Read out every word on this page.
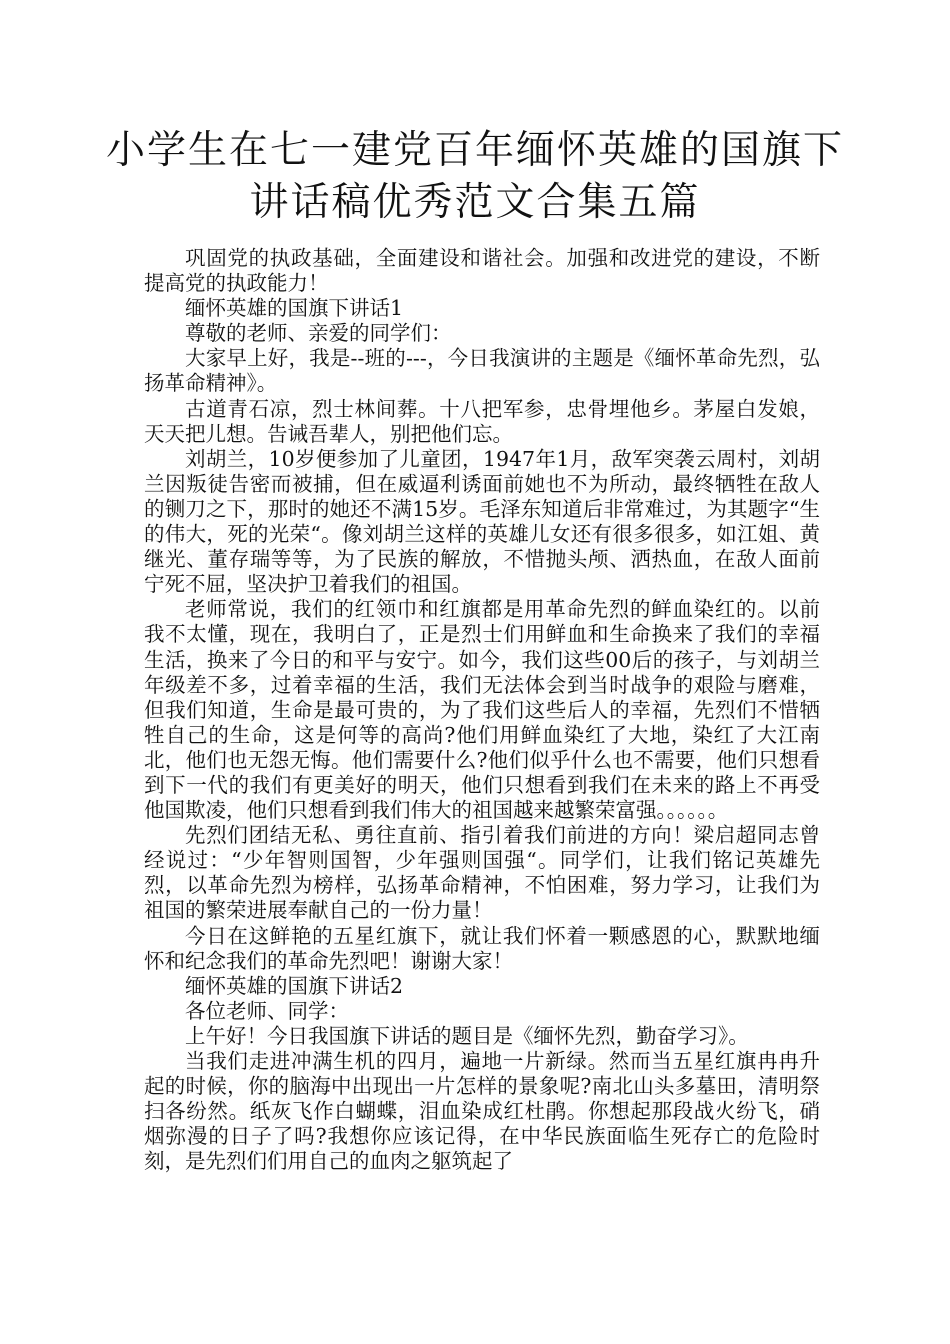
小学生在七一建党百年缅怀英雄的国旗下
讲话稿优秀范文合集五篇

巩固党的执政基础，全面建设和谐社会。加强和改进党的建设，不断提高党的执政能力！

缅怀英雄的国旗下讲话1

尊敬的老师、亲爱的同学们：

大家早上好，我是--班的---，今日我演讲的主题是《缅怀革命先烈，弘扬革命精神》。

古道青石凉，烈士林间葬。十八把军参，忠骨埋他乡。茅屋白发娘，天天把儿想。告诫吾辈人，别把他们忘。

刘胡兰，10岁便参加了儿童团，1947年1月，敌军突袭云周村，刘胡兰因叛徒告密而被捕，但在威逼利诱面前她也不为所动，最终牺牲在敌人的铡刀之下，那时的她还不满15岁。毛泽东知道后非常难过，为其题字“生的伟大，死的光荣“。像刘胡兰这样的英雄儿女还有很多很多，如江姐、黄继光、董存瑞等等，为了民族的解放，不惜抛头颅、洒热血，在敌人面前宁死不屈，坚决护卫着我们的祖国。

老师常说，我们的红领巾和红旗都是用革命先烈的鲜血染红的。以前我不太懂，现在，我明白了，正是烈士们用鲜血和生命换来了我们的幸福生活，换来了今日的和平与安宁。如今，我们这些00后的孩子，与刘胡兰年级差不多，过着幸福的生活，我们无法体会到当时战争的艰险与磨难，但我们知道，生命是最可贵的，为了我们这些后人的幸福，先烈们不惜牺牲自己的生命，这是何等的高尚?他们用鲜血染红了大地，染红了大江南北，他们也无怨无悔。他们需要什么?他们似乎什么也不需要，他们只想看到下一代的我们有更美好的明天，他们只想看到我们在未来的路上不再受他国欺凌，他们只想看到我们伟大的祖国越来越繁荣富强。。。。。。

先烈们团结无私、勇往直前、指引着我们前进的方向！梁启超同志曾经说过：“少年智则国智，少年强则国强“。同学们，让我们铭记英雄先烈，以革命先烈为榜样，弘扬革命精神，不怕困难，努力学习，让我们为祖国的繁荣进展奉献自己的一份力量！

今日在这鲜艳的五星红旗下，就让我们怀着一颗感恩的心，默默地缅怀和纪念我们的革命先烈吧！谢谢大家！

缅怀英雄的国旗下讲话2

各位老师、同学：

上午好！今日我国旗下讲话的题目是《缅怀先烈，勤奋学习》。

当我们走进冲满生机的四月，遍地一片新绿。然而当五星红旗冉冉升起的时候，你的脑海中出现出一片怎样的景象呢?南北山头多墓田，清明祭扫各纷然。纸灰飞作白蝴蝶，泪血染成红杜鹃。你想起那段战火纷飞，硝烟弥漫的日子了吗?我想你应该记得，在中华民族面临生死存亡的危险时刻，是先烈们们用自己的血肉之躯筑起了
